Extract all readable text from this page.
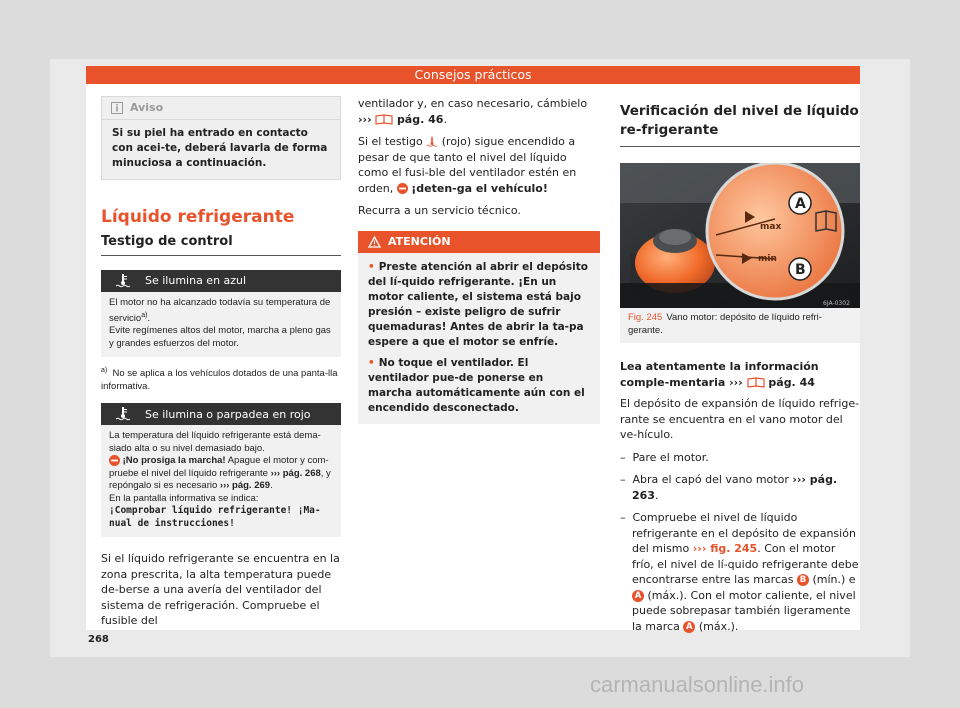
Consejos prácticos
Aviso
Si su piel ha entrado en contacto con acei-te, deberá lavarla de forma minuciosa a continuación.
Líquido refrigerante
Testigo de control
Se ilumina en azul
El motor no ha alcanzado todavía su temperatura de servicio$^{a)}$.
Evite regímenes altos del motor, marcha a pleno gas y grandes esfuerzos del motor.
$^{a)}$ No se aplica a los vehículos dotados de una panta-lla informativa.
Se ilumina o parpadea en rojo
La temperatura del líquido refrigerante está dema-siado alta o su nivel demasiado bajo.
¡No prosiga la marcha! Apague el motor y com-pruebe el nivel del líquido refrigerante ››› pág. 268, y repóngalo si es necesario ››› pág. 269.
En la pantalla informativa se indica:
¡Comprobar líquido refrigerante! ¡Ma-nual de instrucciones!

Si el líquido refrigerante se encuentra en la zona prescrita, la alta temperatura puede de-berse a una avería del ventilador del sistema de refrigeración. Compruebe el fusible del

ventilador y, en caso necesario, cámbielo ›››  pág. 46.

Si el testigo (rojo) sigue encendido a pesar de que tanto el nivel del líquido como el fusi-ble del ventilador estén en orden, ¡deten-ga el vehículo!

Recurra a un servicio técnico.

ATENCIÓN
• Preste atención al abrir el depósito del lí-quido refrigerante. ¡En un motor caliente, el sistema está bajo presión – existe peligro de sufrir quemaduras! Antes de abrir la ta-pa espere a que el motor se enfríe.
• No toque el ventilador. El ventilador pue-de ponerse en marcha automáticamente aún con el encendido desconectado.
Verificación del nivel de líquido re-frigerante
max
min
A
B
6JA-0302
Fig. 245 Vano motor: depósito de líquido refri-gerante.
Lea atentamente la información comple-mentaria ›››  pág. 44

El depósito de expansión de líquido refrige-rante se encuentra en el vano motor del ve-hículo.

– Pare el motor.
– Abra el capó del vano motor ››› pág. 263.
– Compruebe el nivel de líquido refrigerante en el depósito de expansión del mismo ››› fig. 245. Con el motor frío, el nivel de lí-quido refrigerante debe encontrarse entre las marcas B (mín.) e A (máx.). Con el motor caliente, el nivel puede sobrepasar también ligeramente la marca A (máx.).
268
carmanualsonline.info
